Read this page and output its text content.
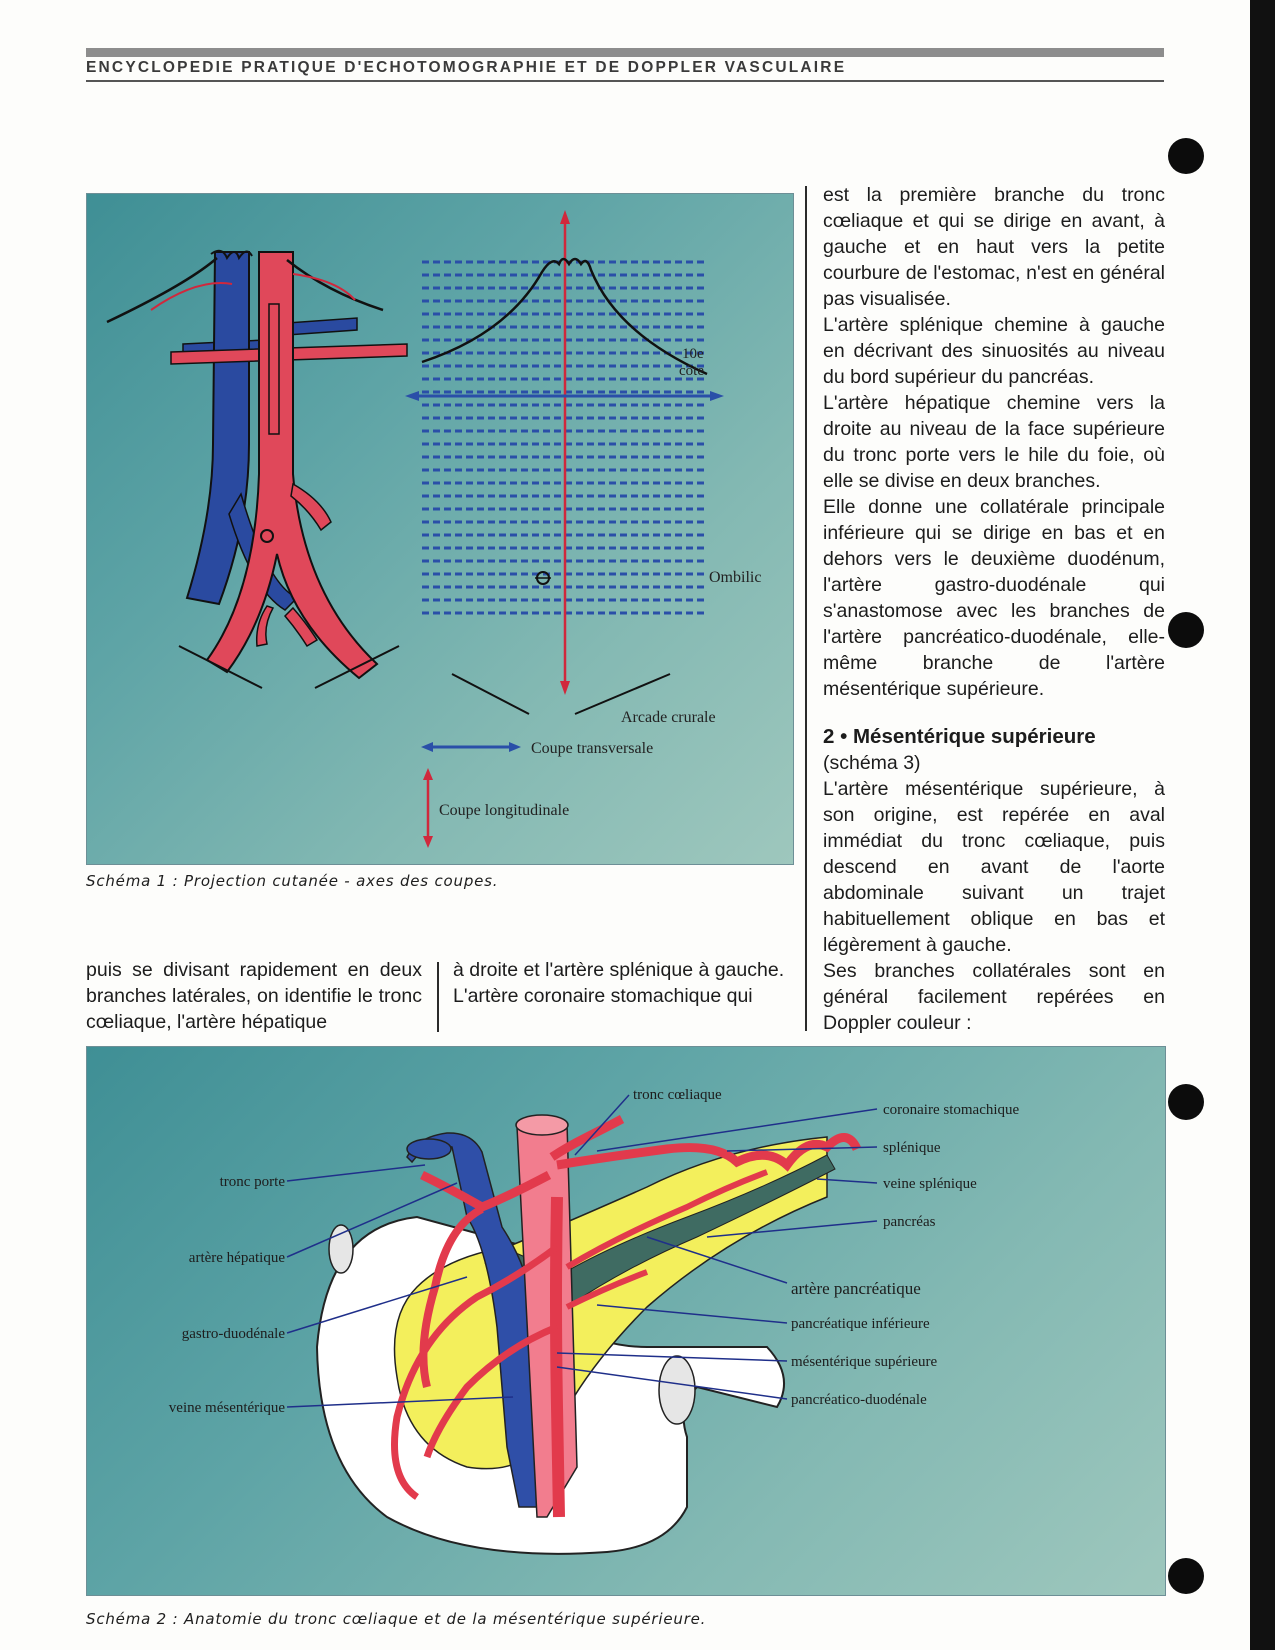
ENCYCLOPEDIE PRATIQUE D'ECHOTOMOGRAPHIE ET DE DOPPLER VASCULAIRE
10e
côte
Ombilic
Arcade crurale
Coupe transversale
Coupe longitudinale
Schéma 1 : Projection cutanée - axes des coupes.

est la première branche du tronc cœliaque et qui se dirige en avant, à gauche et en haut vers la petite courbure de l'estomac, n'est en général pas visualisée.

L'artère splénique chemine à gauche en décrivant des sinuosités au niveau du bord supérieur du pancréas.

L'artère hépatique chemine vers la droite au niveau de la face supérieure du tronc porte vers le hile du foie, où elle se divise en deux branches.

Elle donne une collatérale principale inférieure qui se dirige en bas et en dehors vers le deuxième duodénum, l'artère gastro-duodénale qui s'anastomose avec les branches de l'artère pancréatico-duodénale, elle-même branche de l'artère mésentérique supérieure.

2 • Mésentérique supérieure

(schéma 3)

L'artère mésentérique supérieure, à son origine, est repérée en aval immédiat du tronc cœliaque, puis descend en avant de l'aorte abdominale suivant un trajet habituellement oblique en bas et légèrement à gauche.

Ses branches collatérales sont en général facilement repérées en Doppler couleur :

puis se divisant rapidement en deux branches latérales, on identifie le tronc cœliaque, l'artère hépatique

à droite et l'artère splénique à gauche.

L'artère coronaire stomachique qui

tronc cœliaque
tronc porte
artère hépatique
gastro-duodénale
veine mésentérique
coronaire stomachique
splénique
veine splénique
pancréas
artère pancréatique
pancréatique inférieure
mésentérique supérieure
pancréatico-duodénale
Schéma 2 : Anatomie du tronc cœliaque et de la mésentérique supérieure.
